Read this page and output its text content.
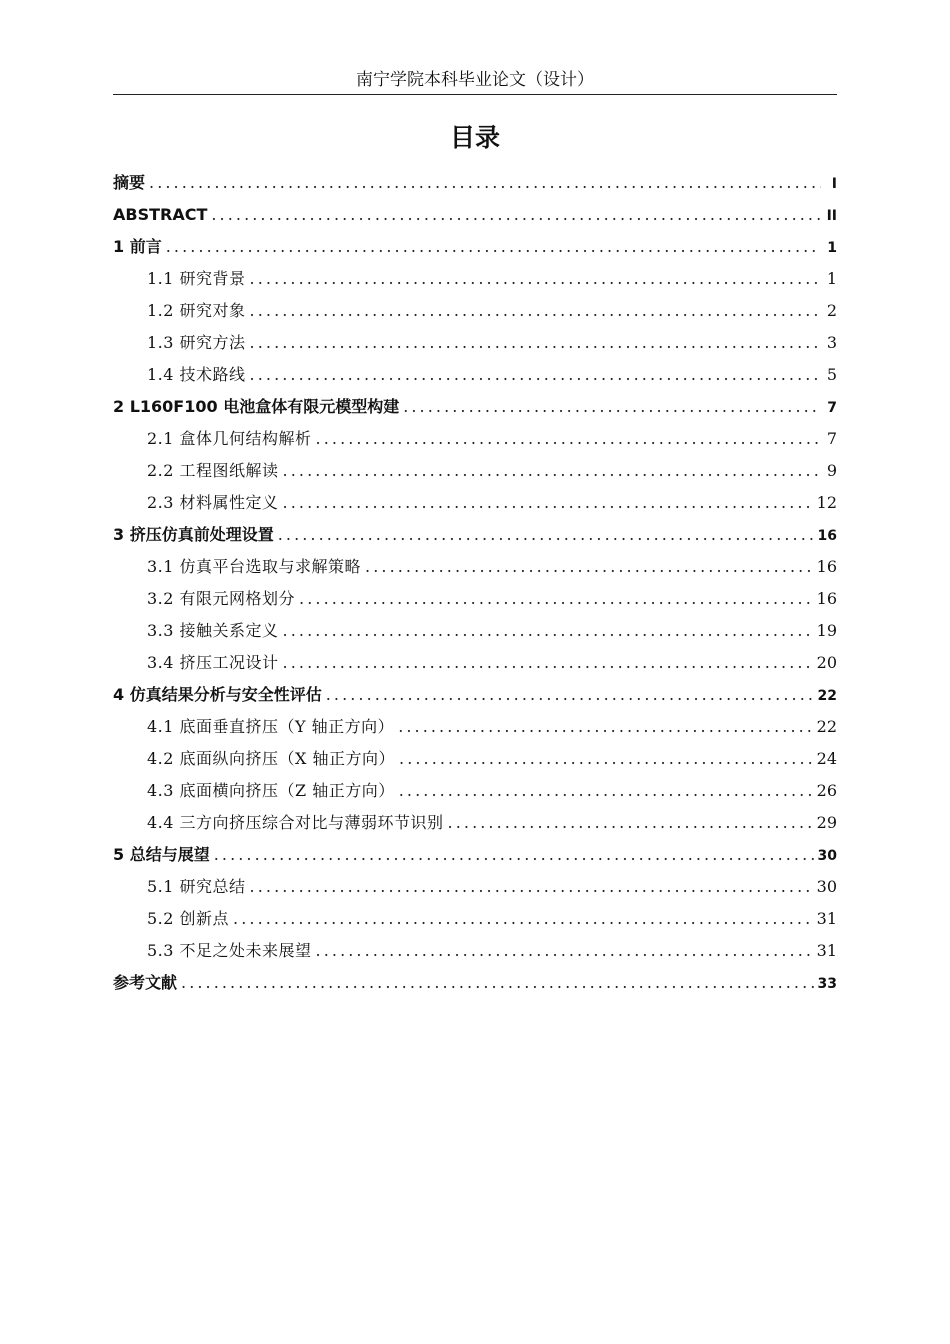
南宁学院本科毕业论文（设计）
目录
摘要 . . .	I
ABSTRACT . . .	II
1 前言 . . .	1
1.1 研究背景 . . .	1
1.2 研究对象 . . .	2
1.3 研究方法 . . .	3
1.4 技术路线 . . .	5
2 L160F100 电池盒体有限元模型构建 . . .	7
2.1 盒体几何结构解析 . . .	7
2.2 工程图纸解读 . . .	9
2.3 材料属性定义 . . .	12
3 挤压仿真前处理设置 . . .	16
3.1 仿真平台选取与求解策略 . . .	16
3.2 有限元网格划分 . . .	16
3.3 接触关系定义 . . .	19
3.4 挤压工况设计 . . .	20
4 仿真结果分析与安全性评估 . . .	22
4.1 底面垂直挤压（Y 轴正方向） . . .	22
4.2 底面纵向挤压（X 轴正方向） . . .	24
4.3 底面横向挤压（Z 轴正方向） . . .	26
4.4 三方向挤压综合对比与薄弱环节识别 . . .	29
5 总结与展望 . . .	30
5.1 研究总结 . . .	30
5.2 创新点 . . .	31
5.3 不足之处未来展望 . . .	31
参考文献 . . .	33
